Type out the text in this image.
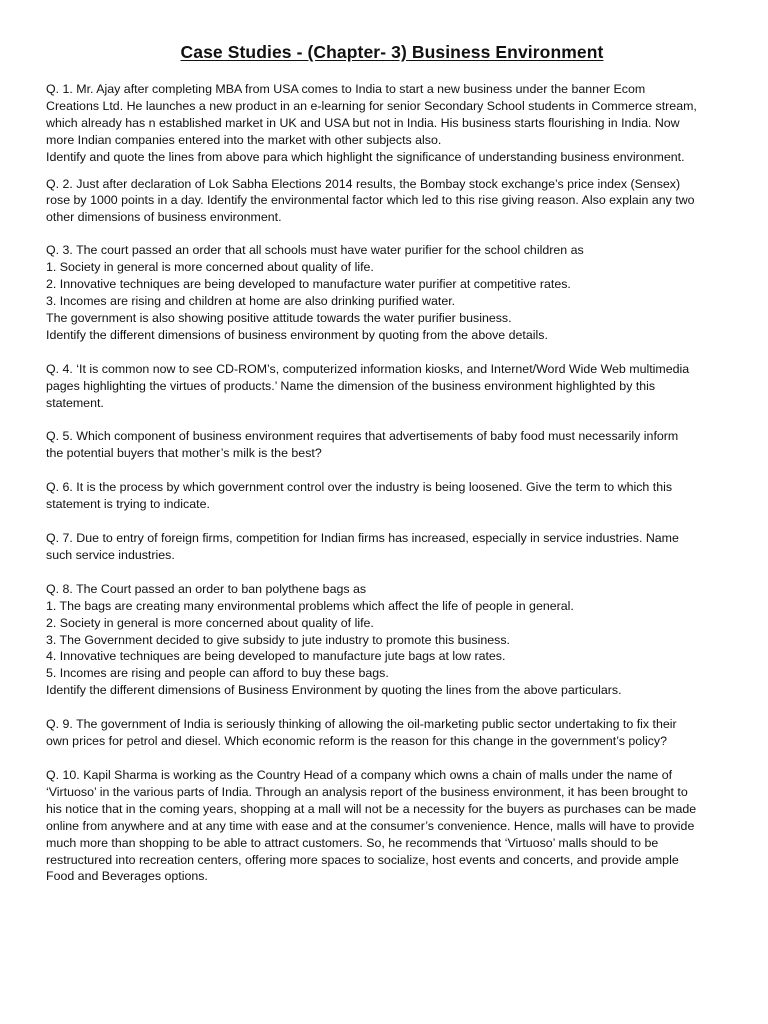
Case Studies - (Chapter- 3) Business Environment

Q. 1. Mr. Ajay after completing MBA from USA comes to India to start a new business under the banner Ecom Creations Ltd. He launches a new product in an e-learning for senior Secondary School students in Commerce stream, which already has n established market in UK and USA but not in India. His business starts flourishing in India. Now more Indian companies entered into the market with other subjects also.

Identify and quote the lines from above para which highlight the significance of understanding business environment.

Q. 2. Just after declaration of Lok Sabha Elections 2014 results, the Bombay stock exchange’s price index (Sensex) rose by 1000 points in a day. Identify the environmental factor which led to this rise giving reason. Also explain any two other dimensions of business environment.

Q. 3. The court passed an order that all schools must have water purifier for the school children as

1. Society in general is more concerned about quality of life.

2. Innovative techniques are being developed to manufacture water purifier at competitive rates.

3. Incomes are rising and children at home are also drinking purified water.

The government is also showing positive attitude towards the water purifier business.

Identify the different dimensions of business environment by quoting from the above details.

Q. 4. ‘It is common now to see CD-ROM’s, computerized information kiosks, and Internet/Word Wide Web multimedia pages highlighting the virtues of products.’ Name the dimension of the business environment highlighted by this statement.

Q. 5. Which component of business environment requires that advertisements of baby food must necessarily inform the potential buyers that mother’s milk is the best?

Q. 6. It is the process by which government control over the industry is being loosened. Give the term to which this statement is trying to indicate.

Q. 7. Due to entry of foreign firms, competition for Indian firms has increased, especially in service industries. Name such service industries.

Q. 8. The Court passed an order to ban polythene bags as

1. The bags are creating many environmental problems which affect the life of people in general.

2. Society in general is more concerned about quality of life.

3. The Government decided to give subsidy to jute industry to promote this business.

4. Innovative techniques are being developed to manufacture jute bags at low rates.

5. Incomes are rising and people can afford to buy these bags.

Identify the different dimensions of Business Environment by quoting the lines from the above particulars.

Q. 9. The government of India is seriously thinking of allowing the oil-marketing public sector undertaking to fix their own prices for petrol and diesel. Which economic reform is the reason for this change in the government’s policy?

Q. 10. Kapil Sharma is working as the Country Head of a company which owns a chain of malls under the name of ‘Virtuoso’ in the various parts of India. Through an analysis report of the business environment, it has been brought to his notice that in the coming years, shopping at a mall will not be a necessity for the buyers as purchases can be made online from anywhere and at any time with ease and at the consumer’s convenience. Hence, malls will have to provide much more than shopping to be able to attract customers. So, he recommends that ‘Virtuoso’ malls should to be restructured into recreation centers, offering more spaces to socialize, host events and concerts, and provide ample Food and Beverages options.
